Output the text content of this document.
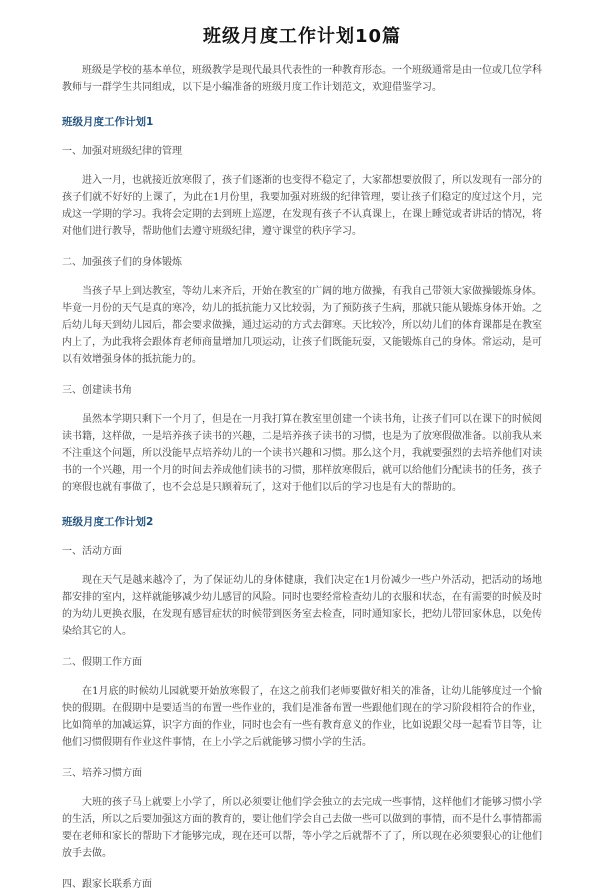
班级月度工作计划10篇

班级是学校的基本单位，班级教学是现代最具代表性的一种教育形态。一个班级通常是由一位或几位学科教师与一群学生共同组成，以下是小编准备的班级月度工作计划范文，欢迎借鉴学习。

班级月度工作计划1
一、加强对班级纪律的管理

进入一月，也就接近放寒假了，孩子们逐渐的也变得不稳定了，大家都想要放假了，所以发现有一部分的孩子们就不好好的上课了，为此在1月份里，我要加强对班级的纪律管理，要让孩子们稳定的度过这个月，完成这一学期的学习。我将会定期的去到班上巡逻，在发现有孩子不认真课上，在课上睡觉或者讲话的情况，将对他们进行教导，帮助他们去遵守班级纪律，遵守课堂的秩序学习。

二、加强孩子们的身体锻炼

当孩子早上到达教室，等幼儿来齐后，开始在教室的广阔的地方做操，有我自己带领大家做操锻炼身体。毕竟一月份的天气是真的寒冷，幼儿的抵抗能力又比较弱，为了预防孩子生病，那就只能从锻炼身体开始。之后幼儿每天到幼儿园后，都会要求做操，通过运动的方式去御寒。天比较冷，所以幼儿们的体育课都是在教室内上了，为此我将会跟体育老师商量增加几项运动，让孩子们既能玩耍，又能锻炼自己的身体。常运动，是可以有效增强身体的抵抗能力的。

三、创建读书角

虽然本学期只剩下一个月了，但是在一月我打算在教室里创建一个读书角，让孩子们可以在课下的时候阅读书籍，这样做，一是培养孩子读书的兴趣，二是培养孩子读书的习惯，也是为了放寒假做准备。以前我从来不注重这个问题，所以没能早点培养幼儿的一个读书兴趣和习惯。那么这个月，我就要强烈的去培养他们对读书的一个兴趣，用一个月的时间去养成他们读书的习惯，那样放寒假后，就可以给他们分配读书的任务，孩子的寒假也就有事做了，也不会总是只顾着玩了，这对于他们以后的学习也是有大的帮助的。

班级月度工作计划2
一、活动方面

现在天气是越来越冷了，为了保证幼儿的身体健康，我们决定在1月份减少一些户外活动，把活动的场地都安排的室内，这样就能够减少幼儿感冒的风险。同时也要经常检查幼儿的衣服和状态，在有需要的时候及时的为幼儿更换衣服，在发现有感冒症状的时候带到医务室去检查，同时通知家长，把幼儿带回家休息，以免传染给其它的人。

二、假期工作方面

在1月底的时候幼儿园就要开始放寒假了，在这之前我们老师要做好相关的准备，让幼儿能够度过一个愉快的假期。在假期中是要适当的布置一些作业的，我们是准备布置一些跟他们现在的学习阶段相符合的作业，比如简单的加减运算，识字方面的作业，同时也会有一些有教育意义的作业，比如说跟父母一起看节目等，让他们习惯假期有作业这件事情，在上小学之后就能够习惯小学的生活。

三、培养习惯方面

大班的孩子马上就要上小学了，所以必须要让他们学会独立的去完成一些事情，这样他们才能够习惯小学的生活，所以之后要加强这方面的教育的，要让他们学会自己去做一些可以做到的事情，而不是什么事情都需要在老师和家长的帮助下才能够完成，现在还可以帮，等小学之后就帮不了了，所以现在必须要狠心的让他们放手去做。

四、跟家长联系方面
